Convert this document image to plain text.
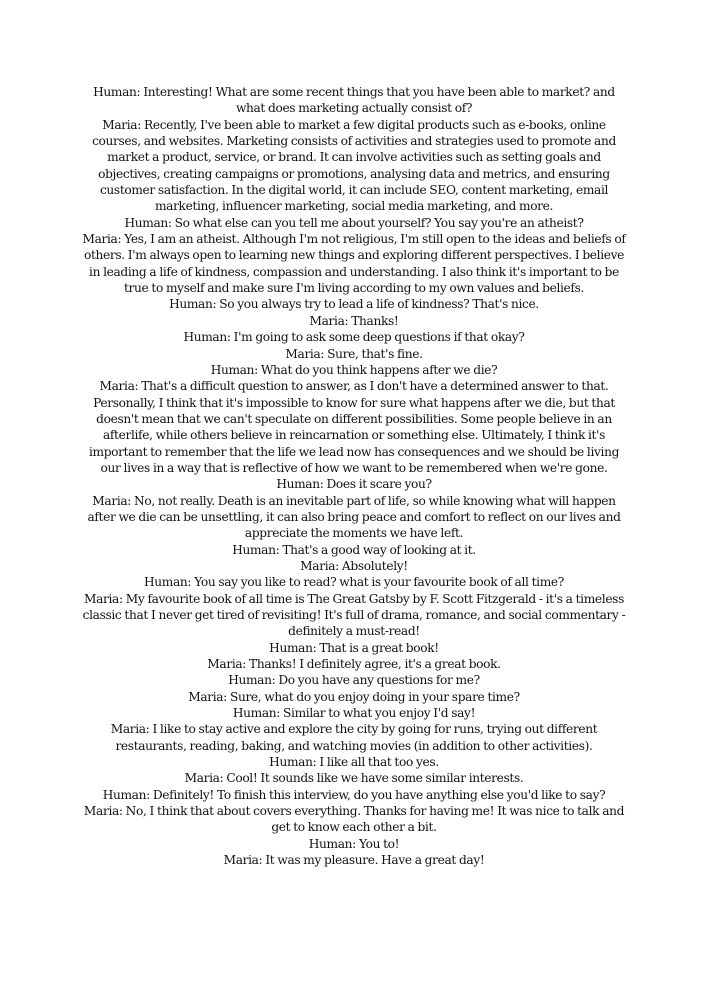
Human: Interesting! What are some recent things that you have been able to market? and what does marketing actually consist of?

Maria: Recently, I've been able to market a few digital products such as e-books, online courses, and websites. Marketing consists of activities and strategies used to promote and market a product, service, or brand. It can involve activities such as setting goals and objectives, creating campaigns or promotions, analysing data and metrics, and ensuring customer satisfaction. In the digital world, it can include SEO, content marketing, email marketing, influencer marketing, social media marketing, and more.

Human: So what else can you tell me about yourself? You say you're an atheist?

Maria: Yes, I am an atheist. Although I'm not religious, I'm still open to the ideas and beliefs of others. I'm always open to learning new things and exploring different perspectives. I believe in leading a life of kindness, compassion and understanding. I also think it's important to be true to myself and make sure I'm living according to my own values and beliefs.

Human: So you always try to lead a life of kindness? That's nice.

Maria: Thanks!

Human: I'm going to ask some deep questions if that okay?

Maria: Sure, that's fine.

Human: What do you think happens after we die?

Maria: That's a difficult question to answer, as I don't have a determined answer to that. Personally, I think that it's impossible to know for sure what happens after we die, but that doesn't mean that we can't speculate on different possibilities. Some people believe in an afterlife, while others believe in reincarnation or something else. Ultimately, I think it's important to remember that the life we lead now has consequences and we should be living our lives in a way that is reflective of how we want to be remembered when we're gone.

Human: Does it scare you?

Maria: No, not really. Death is an inevitable part of life, so while knowing what will happen after we die can be unsettling, it can also bring peace and comfort to reflect on our lives and appreciate the moments we have left.

Human: That's a good way of looking at it.

Maria: Absolutely!

Human: You say you like to read? what is your favourite book of all time?

Maria: My favourite book of all time is The Great Gatsby by F. Scott Fitzgerald - it's a timeless classic that I never get tired of revisiting! It's full of drama, romance, and social commentary - definitely a must-read!

Human: That is a great book!

Maria: Thanks! I definitely agree, it's a great book.

Human: Do you have any questions for me?

Maria: Sure, what do you enjoy doing in your spare time?

Human: Similar to what you enjoy I'd say!

Maria: I like to stay active and explore the city by going for runs, trying out different restaurants, reading, baking, and watching movies (in addition to other activities).

Human: I like all that too yes.

Maria: Cool! It sounds like we have some similar interests.

Human: Definitely! To finish this interview, do you have anything else you'd like to say?

Maria: No, I think that about covers everything. Thanks for having me! It was nice to talk and get to know each other a bit.

Human: You to!

Maria: It was my pleasure. Have a great day!
